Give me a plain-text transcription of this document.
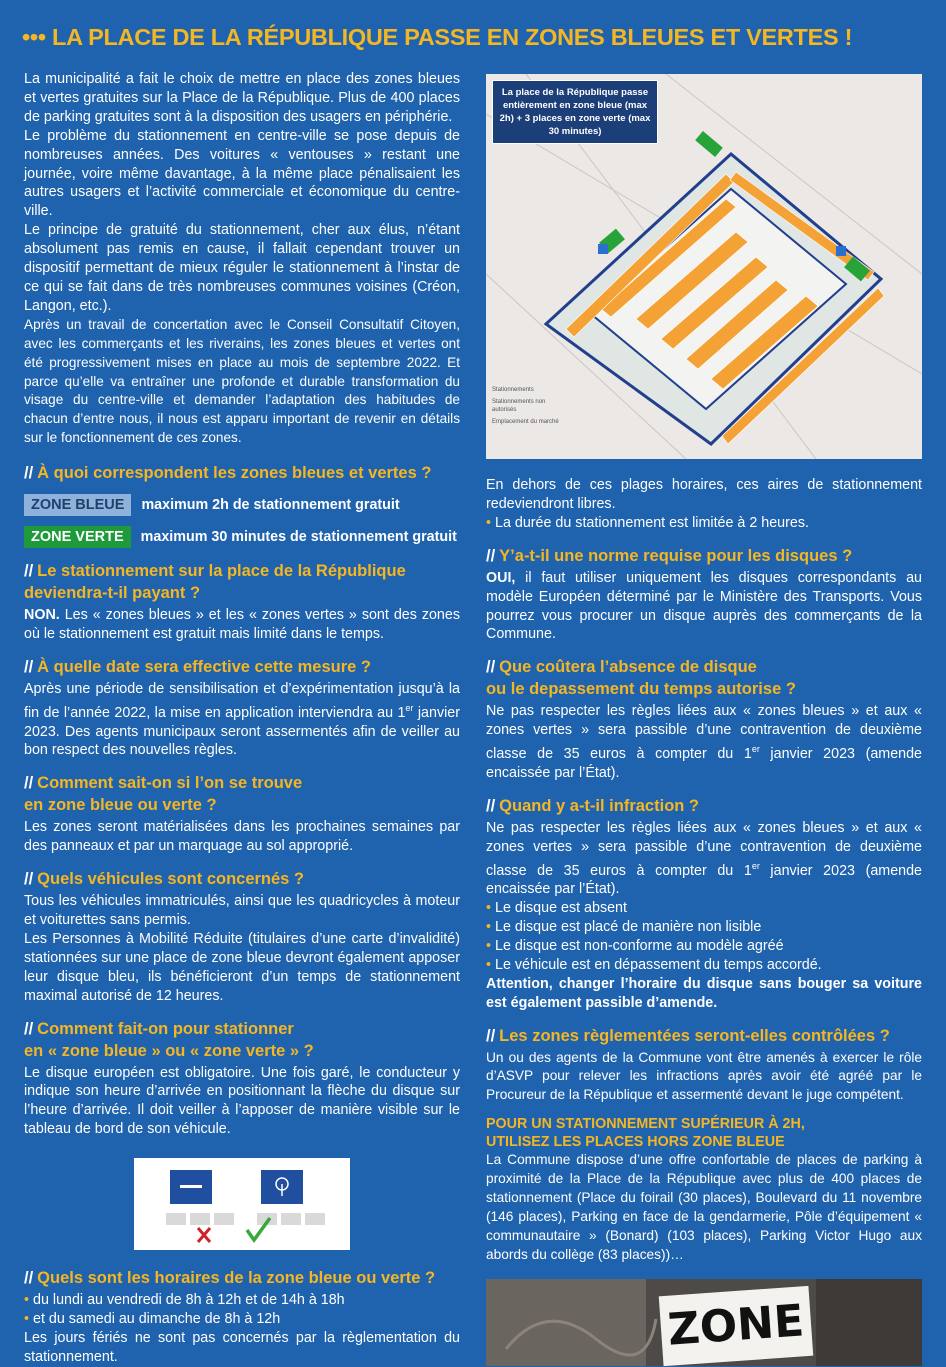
••• LA PLACE DE LA RÉPUBLIQUE PASSE EN ZONES BLEUES ET VERTES !

La municipalité a fait le choix de mettre en place des zones bleues et vertes gratuites sur la Place de la République. Plus de 400 places de parking gratuites sont à la disposition des usagers en périphérie.

Le problème du stationnement en centre-ville se pose depuis de nombreuses années. Des voitures « ventouses » restant une journée, voire même davantage, à la même place pénalisaient les autres usagers et l’activité commerciale et économique du centre-ville.

Le principe de gratuité du stationnement, cher aux élus, n’étant absolument pas remis en cause, il fallait cependant trouver un dispositif permettant de mieux réguler le stationnement à l’instar de ce qui se fait dans de très nombreuses communes voisines (Créon, Langon, etc.).

Après un travail de concertation avec le Conseil Consultatif Citoyen, avec les commerçants et les riverains, les zones bleues et vertes ont été progressivement mises en place au mois de septembre 2022. Et parce qu’elle va entraîner une profonde et durable transformation du visage du centre-ville et demander l’adaptation des habitudes de chacun d’entre nous, il nous est apparu important de revenir en détails sur le fonctionnement de ces zones.

// À quoi correspondent les zones bleues et vertes ?
ZONE BLEUE	maximum 2h de stationnement gratuit
ZONE VERTE	maximum 30 minutes de stationnement gratuit
// Le stationnement sur la place de la République
deviendra-t-il payant ?

NON. Les « zones bleues » et les « zones vertes » sont des zones où le stationnement est gratuit mais limité dans le temps.

// À quelle date sera effective cette mesure ?

Après une période de sensibilisation et d’expérimentation jusqu’à la fin de l’année 2022, la mise en application interviendra au 1er janvier 2023. Des agents municipaux seront assermentés afin de veiller au bon respect des nouvelles règles.

// Comment sait-on si l’on se trouve
en zone bleue ou verte ?

Les zones seront matérialisées dans les prochaines semaines par des panneaux et par un marquage au sol approprié.

// Quels véhicules sont concernés ?

Tous les véhicules immatriculés, ainsi que les quadricycles à moteur et voiturettes sans permis.

Les Personnes à Mobilité Réduite (titulaires d’une carte d’invalidité) stationnées sur une place de zone bleue devront également apposer leur disque bleu, ils bénéficieront d’un temps de stationnement maximal autorisé de 12 heures.

// Comment fait-on pour stationner
en « zone bleue » ou « zone verte » ?

Le disque européen est obligatoire. Une fois garé, le conducteur y indique son heure d’arrivée en positionnant la flèche du disque sur l’heure d’arrivée. Il doit veiller à l’apposer de manière visible sur le tableau de bord de son véhicule.

// Quels sont les horaires de la zone bleue ou verte ?

• du lundi au vendredi de 8h à 12h et de 14h à 18h

• et du samedi au dimanche de 8h à 12h

Les jours fériés ne sont pas concernés par la règlementation du stationnement.

La place de la République passe entièrement en zone bleue (max 2h) + 3 places en zone verte (max 30 minutes)
Stationnements
Stationnements non autorisés
Emplacement du marché

En dehors de ces plages horaires, ces aires de stationnement redeviendront libres.

• La durée du stationnement est limitée à 2 heures.

// Y’a-t-il une norme requise pour les disques ?

OUI, il faut utiliser uniquement les disques correspondants au modèle Européen déterminé par le Ministère des Transports. Vous pourrez vous procurer un disque auprès des commerçants de la Commune.

// Que coûtera l’absence de disque
ou le depassement du temps autorise ?

Ne pas respecter les règles liées aux « zones bleues » et aux « zones vertes » sera passible d’une contravention de deuxième classe de 35 euros à compter du 1er janvier 2023 (amende encaissée par l’État).

// Quand y a-t-il infraction ?

Ne pas respecter les règles liées aux « zones bleues » et aux « zones vertes » sera passible d’une contravention de deuxième classe de 35 euros à compter du 1er janvier 2023 (amende encaissée par l’État).

• Le disque est absent

• Le disque est placé de manière non lisible

• Le disque est non-conforme au modèle agréé

• Le véhicule est en dépassement du temps accordé.

Attention, changer l’horaire du disque sans bouger sa voiture est également passible d’amende.

// Les zones règlementées seront-elles contrôlées ?

Un ou des agents de la Commune vont être amenés à exercer le rôle d’ASVP pour relever les infractions après avoir été agréé par le Procureur de la République et assermenté devant le juge compétent.

POUR UN STATIONNEMENT SUPÉRIEUR À 2H,
UTILISEZ LES PLACES HORS ZONE BLEUE

La Commune dispose d’une offre confortable de places de parking à proximité de la Place de la République avec plus de 400 places de stationnement (Place du foirail (30 places), Boulevard du 11 novembre (146 places), Parking en face de la gendarmerie, Pôle d’équipement « communautaire » (Bonard) (103 places), Parking Victor Hugo aux abords du collège (83 places))…

ZONE
